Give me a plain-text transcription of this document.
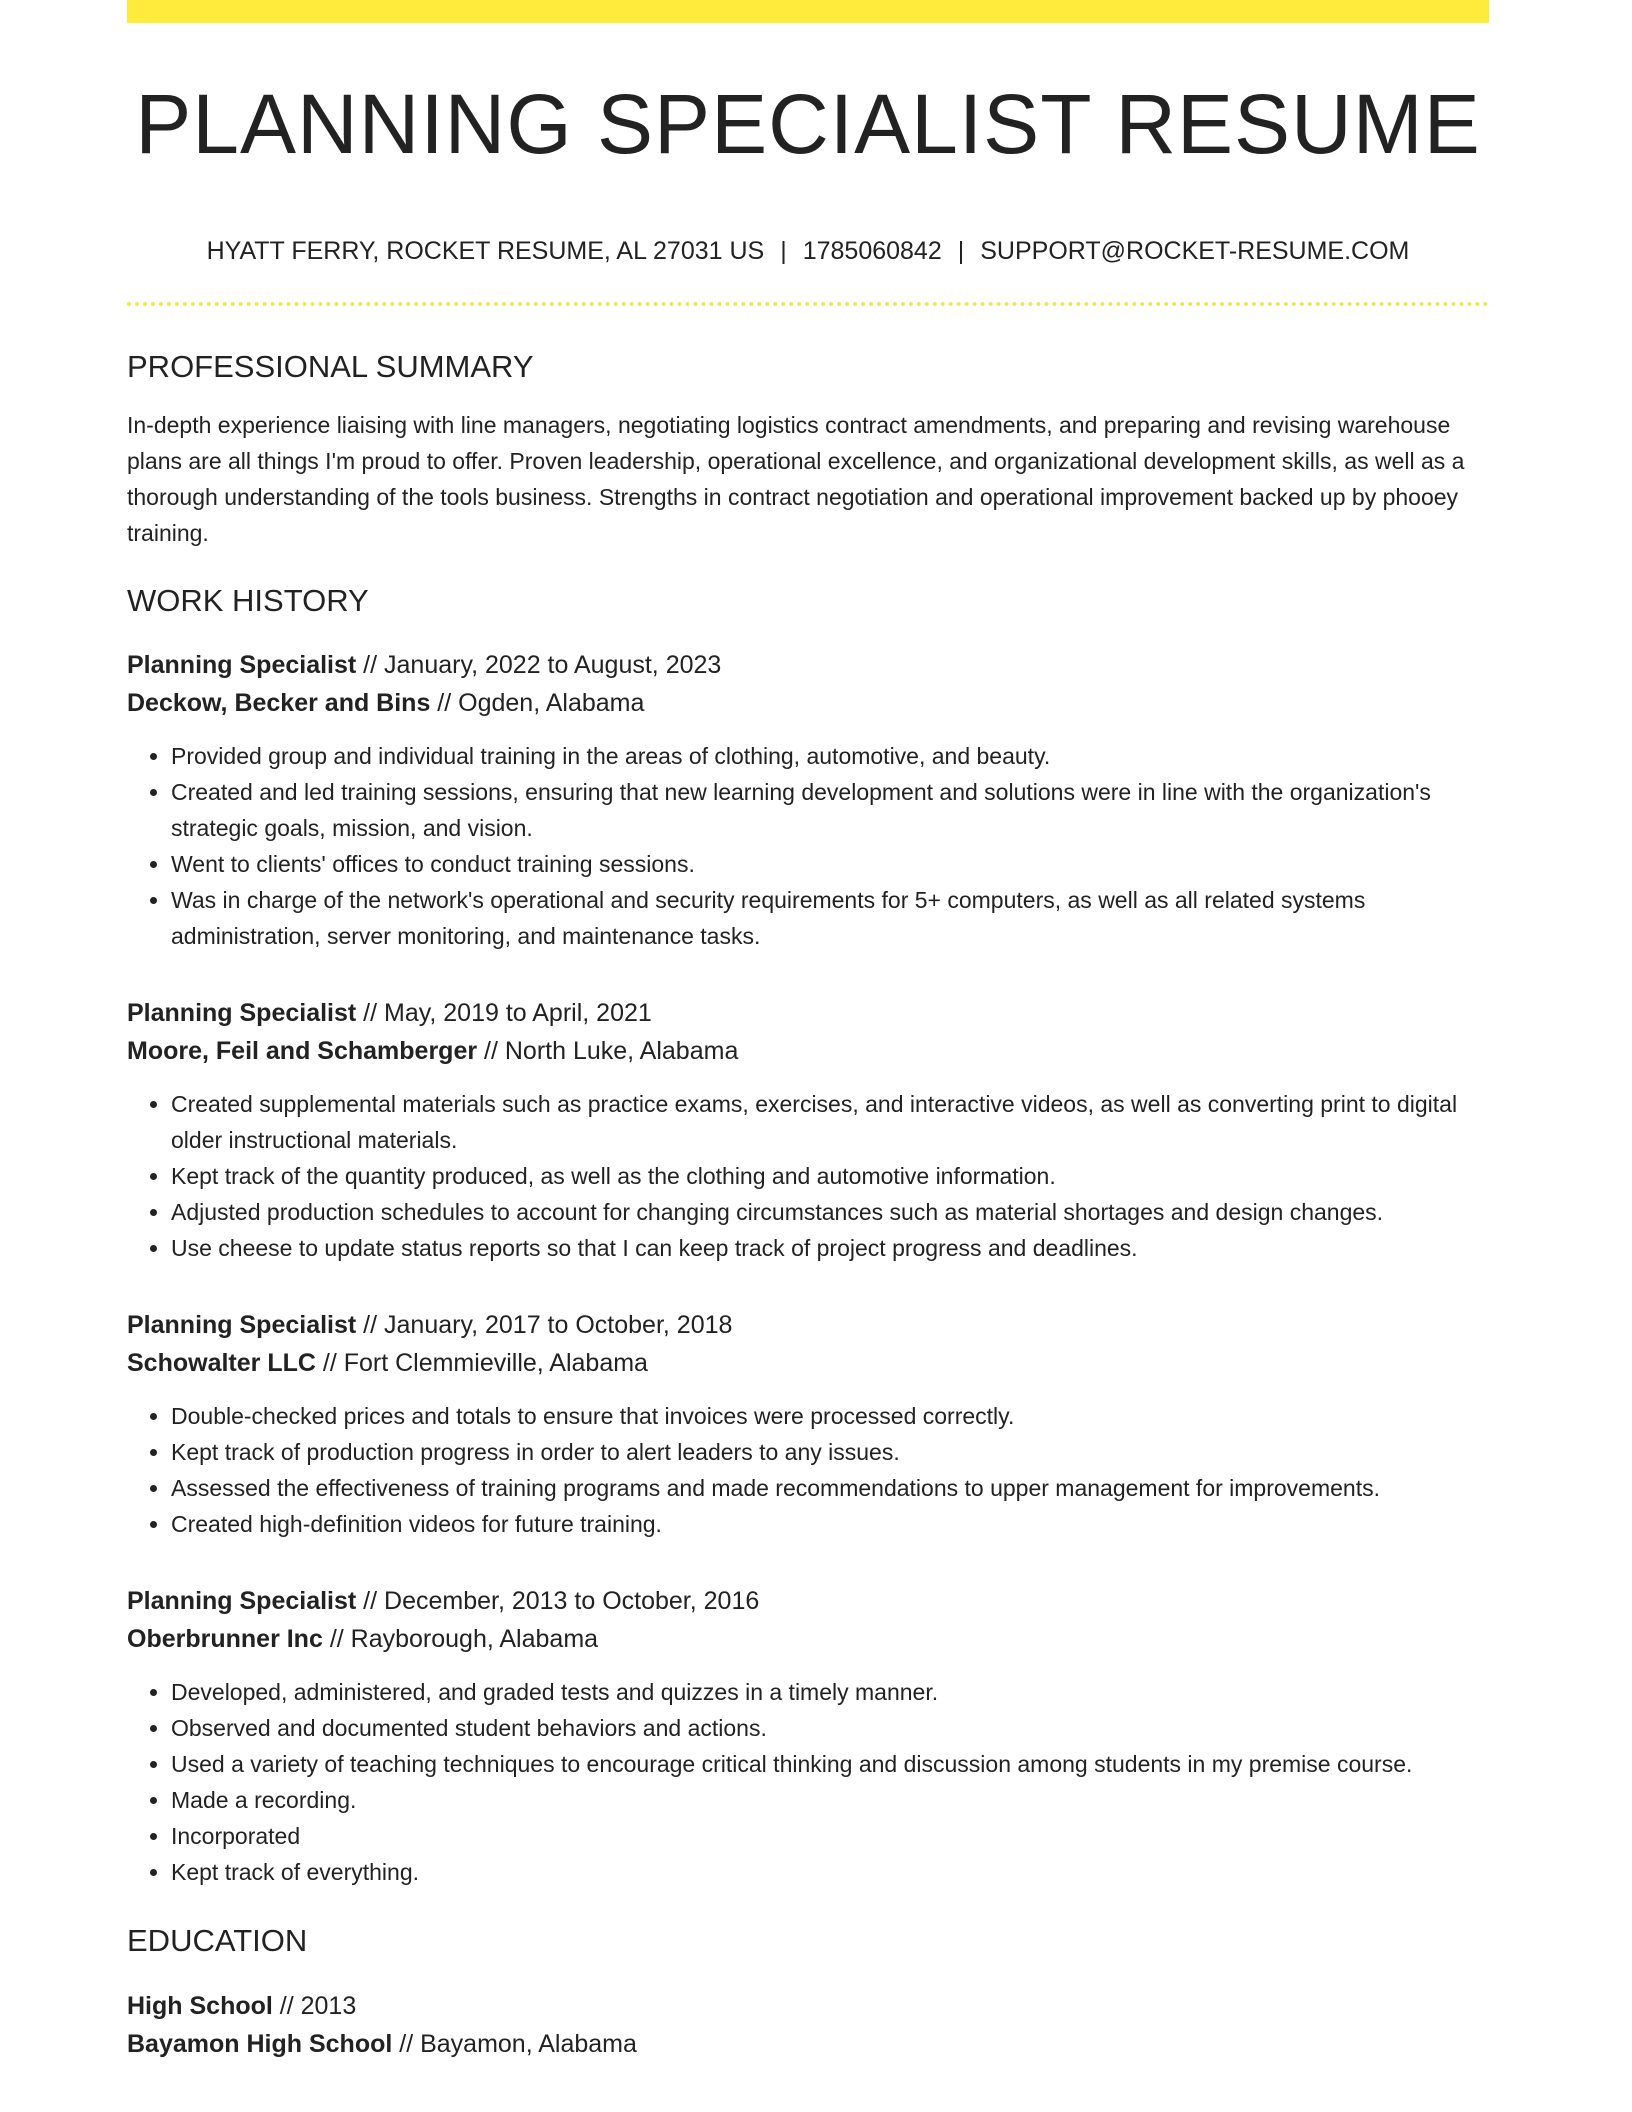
PLANNING SPECIALIST RESUME
HYATT FERRY, ROCKET RESUME, AL 27031 US | 1785060842 | SUPPORT@ROCKET-RESUME.COM
PROFESSIONAL SUMMARY

In-depth experience liaising with line managers, negotiating logistics contract amendments, and preparing and revising warehouse plans are all things I'm proud to offer. Proven leadership, operational excellence, and organizational development skills, as well as a thorough understanding of the tools business. Strengths in contract negotiation and operational improvement backed up by phooey training.

WORK HISTORY
Planning Specialist // January, 2022 to August, 2023
Deckow, Becker and Bins // Ogden, Alabama
• Provided group and individual training in the areas of clothing, automotive, and beauty.
• Created and led training sessions, ensuring that new learning development and solutions were in line with the organization's strategic goals, mission, and vision.
• Went to clients' offices to conduct training sessions.
• Was in charge of the network's operational and security requirements for 5+ computers, as well as all related systems administration, server monitoring, and maintenance tasks.
Planning Specialist // May, 2019 to April, 2021
Moore, Feil and Schamberger // North Luke, Alabama
• Created supplemental materials such as practice exams, exercises, and interactive videos, as well as converting print to digital older instructional materials.
• Kept track of the quantity produced, as well as the clothing and automotive information.
• Adjusted production schedules to account for changing circumstances such as material shortages and design changes.
• Use cheese to update status reports so that I can keep track of project progress and deadlines.
Planning Specialist // January, 2017 to October, 2018
Schowalter LLC // Fort Clemmieville, Alabama
• Double-checked prices and totals to ensure that invoices were processed correctly.
• Kept track of production progress in order to alert leaders to any issues.
• Assessed the effectiveness of training programs and made recommendations to upper management for improvements.
• Created high-definition videos for future training.
Planning Specialist // December, 2013 to October, 2016
Oberbrunner Inc // Rayborough, Alabama
• Developed, administered, and graded tests and quizzes in a timely manner.
• Observed and documented student behaviors and actions.
• Used a variety of teaching techniques to encourage critical thinking and discussion among students in my premise course.
• Made a recording.
• Incorporated
• Kept track of everything.
EDUCATION
High School // 2013
Bayamon High School // Bayamon, Alabama
